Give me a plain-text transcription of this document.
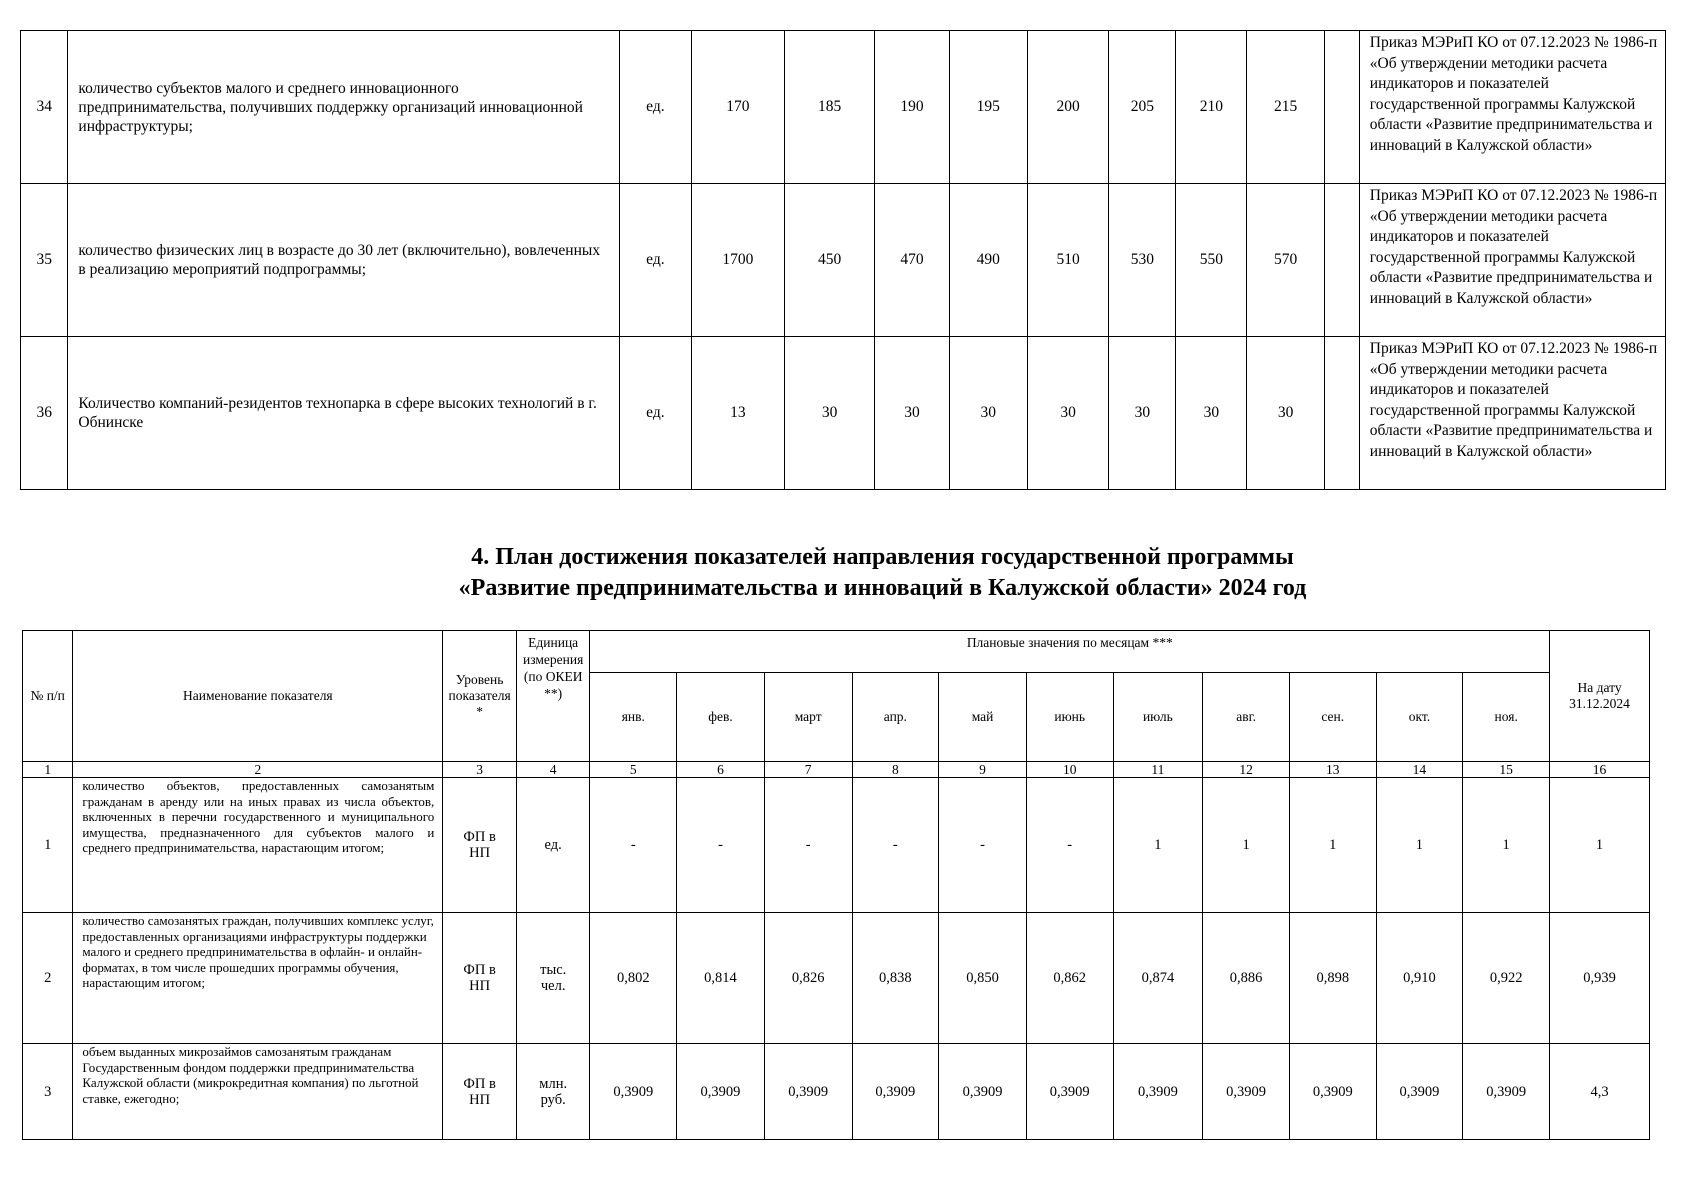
34	количество субъектов малого и среднего инновационного предпринимательства, получивших поддержку организаций инновационной инфраструктуры;	ед.	170	185	190	195	200	205	210	215		Приказ МЭРиП КО от 07.12.2023 № 1986-п «Об утверждении методики расчета индикаторов и показателей государственной программы Калужской области «Развитие предпринимательства и инноваций в Калужской области»
35	количество физических лиц в возрасте до 30 лет (включительно), вовлеченных в реализацию мероприятий подпрограммы;	ед.	1700	450	470	490	510	530	550	570		Приказ МЭРиП КО от 07.12.2023 № 1986-п «Об утверждении методики расчета индикаторов и показателей государственной программы Калужской области «Развитие предпринимательства и инноваций в Калужской области»
36	Количество компаний-резидентов технопарка в сфере высоких технологий в г. Обнинске	ед.	13	30	30	30	30	30	30	30		Приказ МЭРиП КО от 07.12.2023 № 1986-п «Об утверждении методики расчета индикаторов и показателей государственной программы Калужской области «Развитие предпринимательства и инноваций в Калужской области»
4. План достижения показателей направления государственной программы
«Развитие предпринимательства и инноваций в Калужской области» 2024 год
№ п/п	Наименование показателя	Уровень показателя *	Единица измерения (по ОКЕИ **)	Плановые значения по месяцам ***											На дату 31.12.2024
				янв.	фев.	март	апр.	май	июнь	июль	авг.	сен.	окт.	ноя.	
1	2	3	4	5	6	7	8	9	10	11	12	13	14	15	16
1	количество объектов, предоставленных самозанятым гражданам в аренду или на иных правах из числа объектов, включенных в перечни государственного и муниципального имущества, предназначенного для субъектов малого и среднего предпринимательства, нарастающим итогом;	ФП в НП	ед.	-	-	-	-	-	-	1	1	1	1	1	1
2	количество самозанятых граждан, получивших комплекс услуг, предоставленных организациями инфраструктуры поддержки малого и среднего предпринимательства в офлайн- и онлайн-форматах, в том числе прошедших программы обучения, нарастающим итогом;	ФП в НП	тыс. чел.	0,802	0,814	0,826	0,838	0,850	0,862	0,874	0,886	0,898	0,910	0,922	0,939
3	объем выданных микрозаймов самозанятым гражданам Государственным фондом поддержки предпринимательства Калужской области (микрокредитная компания) по льготной ставке, ежегодно;	ФП в НП	млн. руб.	0,3909	0,3909	0,3909	0,3909	0,3909	0,3909	0,3909	0,3909	0,3909	0,3909	0,3909	4,3
